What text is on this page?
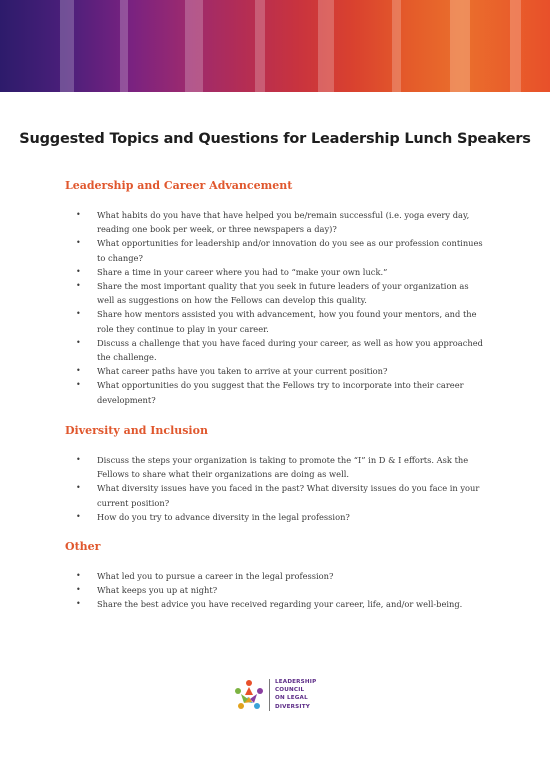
Suggested Topics and Questions for Leadership Lunch Speakers
Leadership and Career Advancement
• What habits do you have that have helped you be/remain successful (i.e. yoga every day, reading one book per week, or three newspapers a day)?
• What opportunities for leadership and/or innovation do you see as our profession continues to change?
• Share a time in your career where you had to “make your own luck.”
• Share the most important quality that you seek in future leaders of your organization as well as suggestions on how the Fellows can develop this quality.
• Share how mentors assisted you with advancement, how you found your mentors, and the role they continue to play in your career.
• Discuss a challenge that you have faced during your career, as well as how you approached the challenge.
• What career paths have you taken to arrive at your current position?
• What opportunities do you suggest that the Fellows try to incorporate into their career development?
Diversity and Inclusion
• Discuss the steps your organization is taking to promote the “I” in D & I efforts. Ask the Fellows to share what their organizations are doing as well.
• What diversity issues have you faced in the past? What diversity issues do you face in your current position?
• How do you try to advance diversity in the legal profession?
Other
• What led you to pursue a career in the legal profession?
• What keeps you up at night?
• Share the best advice you have received regarding your career, life, and/or well-being.
LEADERSHIP
COUNCIL
ON LEGAL
DIVERSITY
